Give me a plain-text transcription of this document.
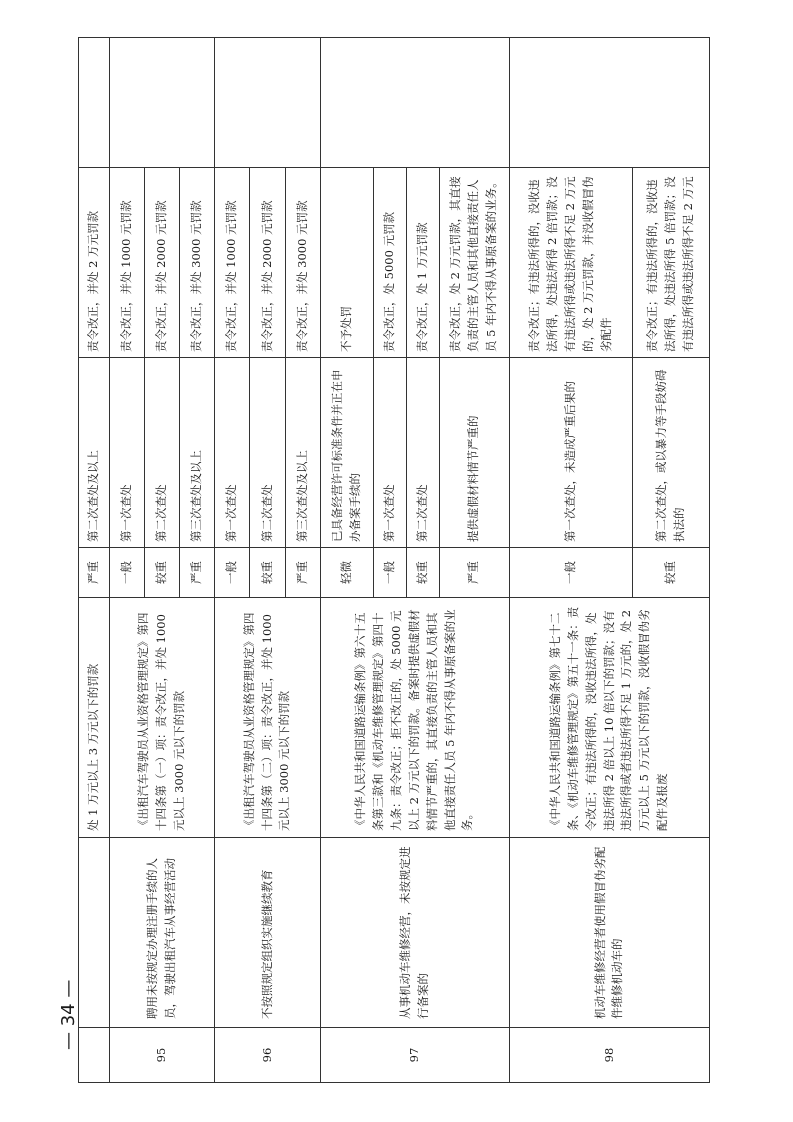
		处 1 万元以上 3 万元以下的罚款	严重	第二次查处及以上	责令改正，并处 2 万元罚款	
95	聘用未按规定办理注册手续的人员，驾驶出租汽车从事经营活动	《出租汽车驾驶员从业资格管理规定》第四十四条第（一）项：责令改正，并处 1000 元以上 3000 元以下的罚款	一般	第一次查处	责令改正，并处 1000 元罚款	
			较重	第二次查处	责令改正，并处 2000 元罚款	
			严重	第三次查处及以上	责令改正，并处 3000 元罚款	
96	不按照规定组织实施继续教育	《出租汽车驾驶员从业资格管理规定》第四十四条第（二）项：责令改正，并处 1000 元以上 3000 元以下的罚款	一般	第一次查处	责令改正，并处 1000 元罚款	
			较重	第二次查处	责令改正，并处 2000 元罚款	
			严重	第三次查处及以上	责令改正，并处 3000 元罚款	
97	从事机动车维修经营，未按规定进行备案的	《中华人民共和国道路运输条例》第六十五条第三款和《机动车维修管理规定》第四十九条：责令改正；拒不改正的，处 5000 元以上 2 万元以下的罚款。备案时提供虚假材料情节严重的，其直接负责的主管人员和其他直接责任人员 5 年内不得从事原备案的业务。	轻微	已具备经营许可标准条件并正在申办备案手续的	不予处罚	
			一般	第一次查处	责令改正，处 5000 元罚款	
			较重	第二次查处	责令改正，处 1 万元罚款	
			严重	提供虚假材料情节严重的	责令改正，处 2 万元罚款，其直接负责的主管人员和其他直接责任人员 5 年内不得从事原备案的业务。	
98	机动车维修经营者使用假冒伪劣配件维修机动车的	《中华人民共和国道路运输条例》第七十二条、《机动车维修管理规定》第五十一条：责令改正；有违法所得的，没收违法所得，处违法所得 2 倍以上 10 倍以下的罚款；没有违法所得或者违法所得不足 1 万元的，处 2 万元以上 5 万元以下的罚款，没收假冒伪劣配件及报废	一般	第一次查处，未造成严重后果的	责令改正；有违法所得的，没收违法所得，处违法所得 2 倍罚款；没有违法所得或违法所得不足 2 万元的，处 2 万元罚款，并没收假冒伪劣配件	
			较重	第二次查处，或以暴力等手段妨碍执法的	责令改正；有违法所得的，没收违法所得，处违法所得 5 倍罚款；没有违法所得或违法所得不足 2 万元	
— 34 —
